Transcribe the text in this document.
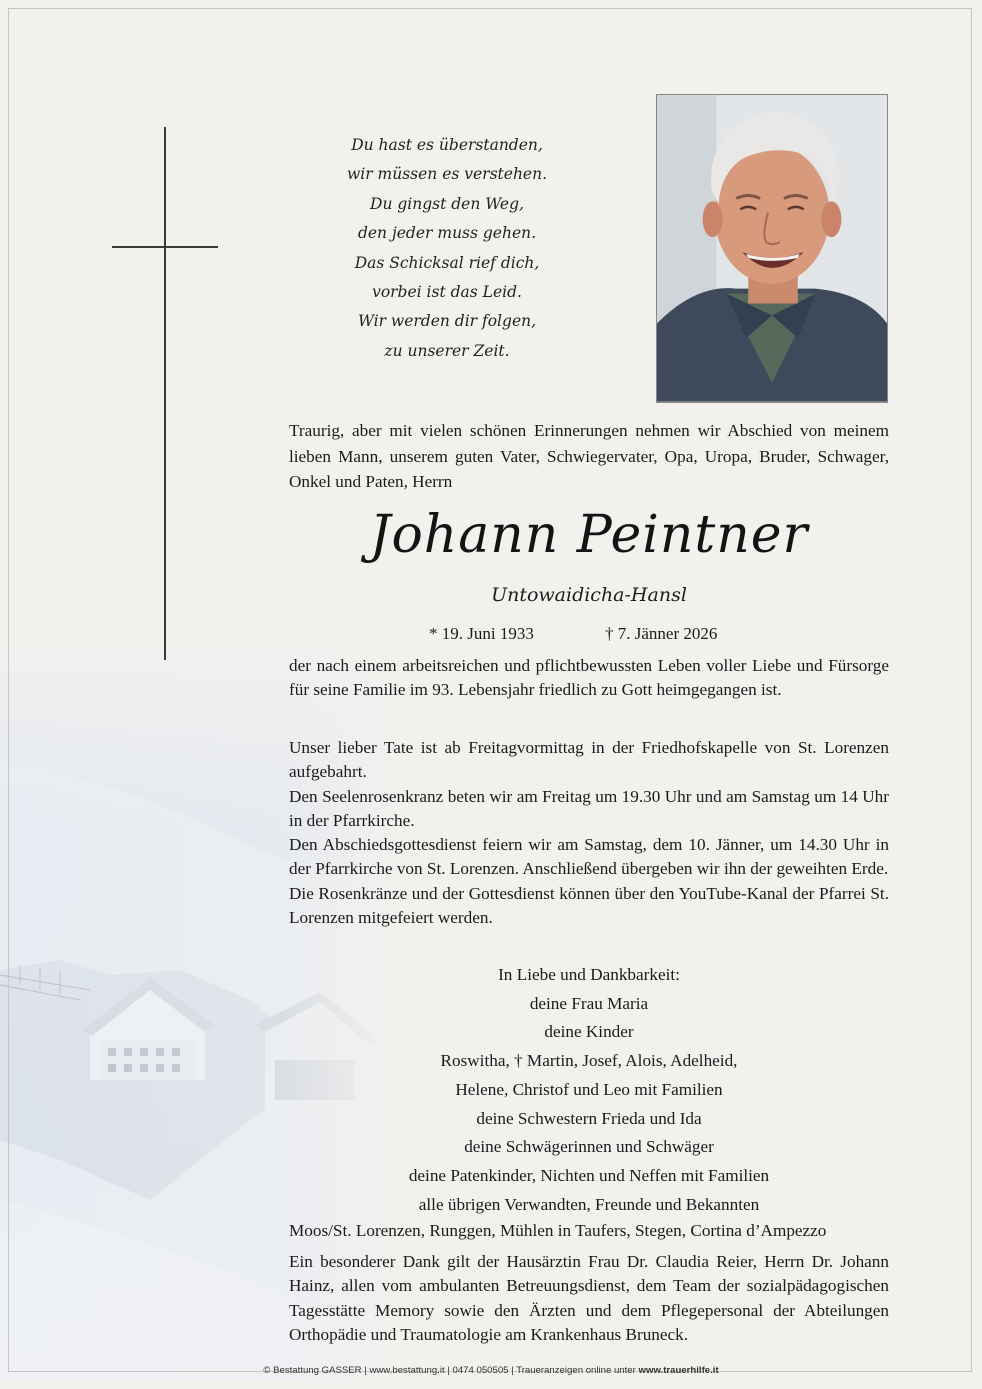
Du hast es überstanden,
wir müssen es verstehen.
Du gingst den Weg,
den jeder muss gehen.
Das Schicksal rief dich,
vorbei ist das Leid.
Wir werden dir folgen,
zu unserer Zeit.
Traurig, aber mit vielen schönen Erinnerungen nehmen wir Abschied von meinem lieben Mann, unserem guten Vater, Schwiegervater, Opa, Uropa, Bruder, Schwager, Onkel und Paten, Herrn
Johann Peintner
Untowaidicha-Hansl
* 19. Juni 1933	† 7. Jänner 2026
der nach einem arbeitsreichen und pflichtbewussten Leben voller Liebe und Fürsorge für seine Familie im 93. Lebensjahr friedlich zu Gott heimgegangen ist.

Unser lieber Tate ist ab Freitagvormittag in der Friedhofskapelle von St. Lorenzen aufgebahrt.

Den Seelenrosenkranz beten wir am Freitag um 19.30 Uhr und am Samstag um 14 Uhr in der Pfarrkirche.

Den Abschiedsgottesdienst feiern wir am Samstag, dem 10. Jänner, um 14.30 Uhr in der Pfarrkirche von St. Lorenzen. Anschließend übergeben wir ihn der geweihten Erde.

Die Rosenkränze und der Gottesdienst können über den YouTube-Kanal der Pfarrei St. Lorenzen mitgefeiert werden.

In Liebe und Dankbarkeit:
deine Frau Maria
deine Kinder
Roswitha, † Martin, Josef, Alois, Adelheid,
Helene, Christof und Leo mit Familien
deine Schwestern Frieda und Ida
deine Schwägerinnen und Schwäger
deine Patenkinder, Nichten und Neffen mit Familien
alle übrigen Verwandten, Freunde und Bekannten
Moos/St. Lorenzen, Runggen, Mühlen in Taufers, Stegen, Cortina d’Ampezzo
Ein besonderer Dank gilt der Hausärztin Frau Dr. Claudia Reier, Herrn Dr. Johann Hainz, allen vom ambulanten Betreuungsdienst, dem Team der sozialpädagogischen Tagesstätte Memory sowie den Ärzten und dem Pflegepersonal der Abteilungen Orthopädie und Traumatologie am Krankenhaus Bruneck.
© Bestattung GASSER | www.bestattung.it | 0474 050505 | Traueranzeigen online unter www.trauerhilfe.it
